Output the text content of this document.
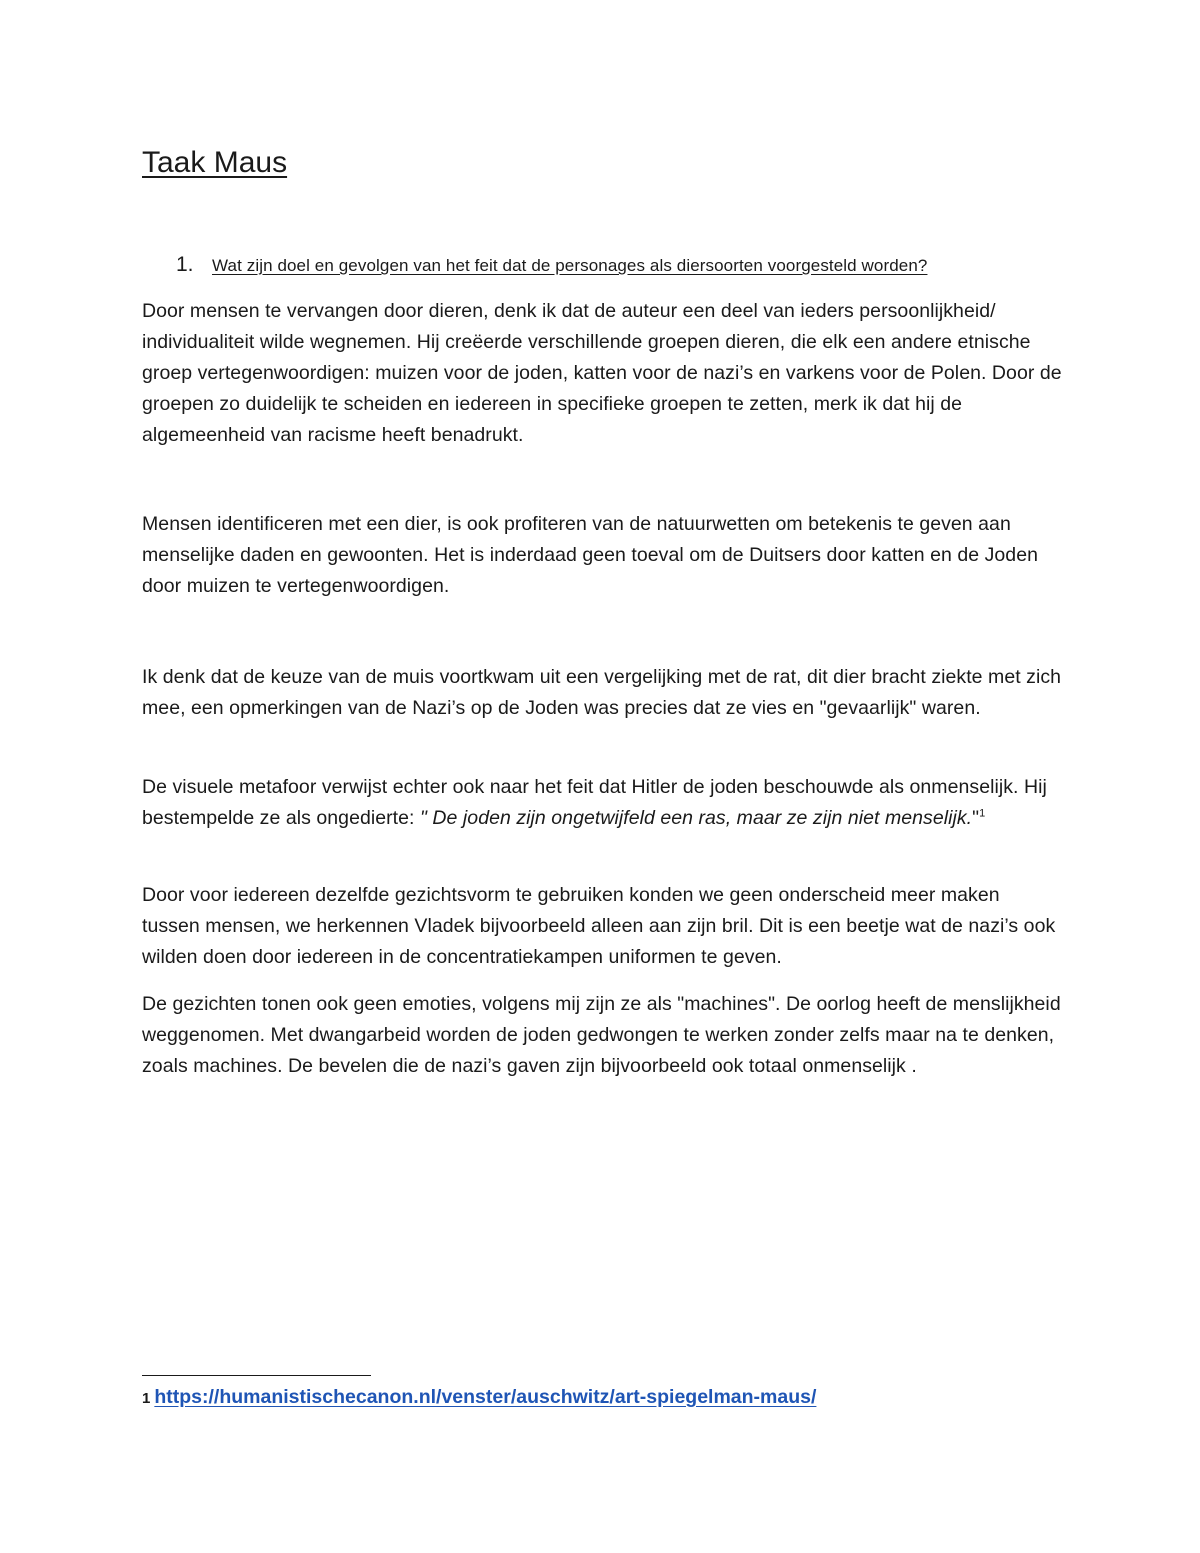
Taak Maus
1. Wat zijn doel en gevolgen van het feit dat de personages als diersoorten voorgesteld worden?

Door mensen te vervangen door dieren, denk ik dat de auteur een deel van ieders persoonlijkheid/ individualiteit wilde wegnemen. Hij creëerde verschillende groepen dieren, die elk een andere etnische groep vertegenwoordigen: muizen voor de joden, katten voor de nazi’s en varkens voor de Polen. Door de groepen zo duidelijk te scheiden en iedereen in specifieke groepen te zetten, merk ik dat hij de algemeenheid van racisme heeft benadrukt.

Mensen identificeren met een dier, is ook profiteren van de natuurwetten om betekenis te geven aan menselijke daden en gewoonten. Het is inderdaad geen toeval om de Duitsers door katten en de Joden door muizen te vertegenwoordigen.

Ik denk dat de keuze van de muis voortkwam uit een vergelijking met de rat, dit dier bracht ziekte met zich mee, een opmerkingen van de Nazi’s op de Joden was precies dat ze vies en "gevaarlijk" waren.

De visuele metafoor verwijst echter ook naar het feit dat Hitler de joden beschouwde als onmenselijk. Hij bestempelde ze als ongedierte: " De joden zijn ongetwijfeld een ras, maar ze zijn niet menselijk."$^1$

Door voor iedereen dezelfde gezichtsvorm te gebruiken konden we geen onderscheid meer maken tussen mensen, we herkennen Vladek bijvoorbeeld alleen aan zijn bril. Dit is een beetje wat de nazi’s ook wilden doen door iedereen in de concentratiekampen uniformen te geven.

De gezichten tonen ook geen emoties, volgens mij zijn ze als "machines". De oorlog heeft de menslijkheid weggenomen. Met dwangarbeid worden de joden gedwongen te werken zonder zelfs maar na te denken, zoals machines. De bevelen die de nazi’s gaven zijn bijvoorbeeld ook totaal onmenselijk .

1 https://humanistischecanon.nl/venster/auschwitz/art-spiegelman-maus/
